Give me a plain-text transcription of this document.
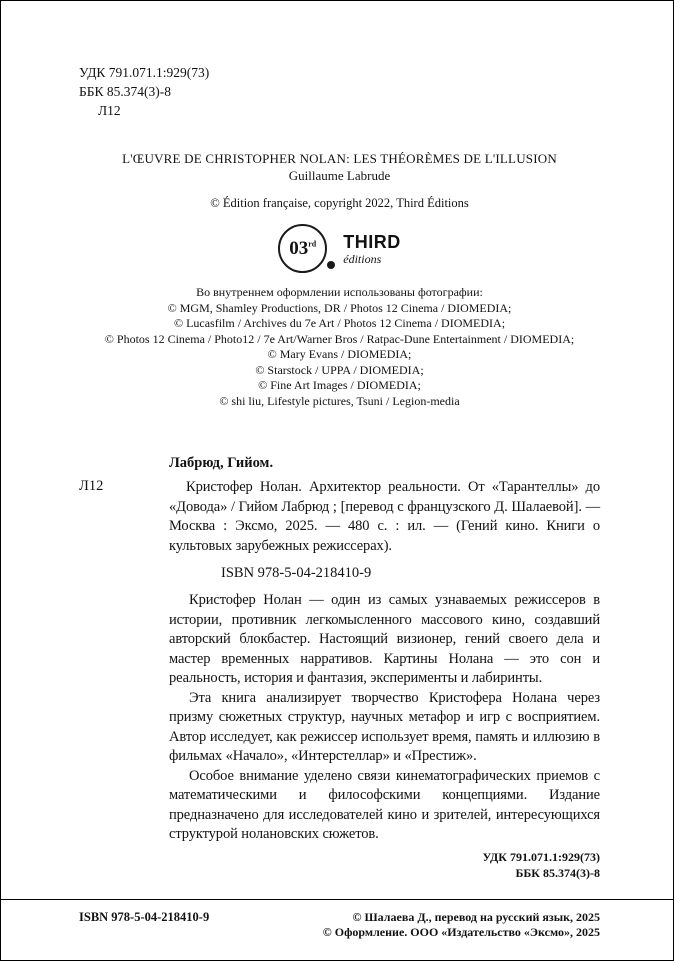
УДК 791.071.1:929(73)
ББК 85.374(3)-8
Л12
L'ŒUVRE DE CHRISTOPHER NOLAN: LES THÉORÈMES DE L'ILLUSION
Guillaume Labrude
© Édition française, copyright 2022, Third Éditions
03rd THIRD
éditions
Во внутреннем оформлении использованы фотографии:
© MGM, Shamley Productions, DR / Photos 12 Cinema / DIOMEDIA;
© Lucasfilm / Archives du 7e Art / Photos 12 Cinema / DIOMEDIA;
© Photos 12 Cinema / Photo12 / 7e Art/Warner Bros / Ratpac-Dune Entertainment / DIOMEDIA;
© Mary Evans / DIOMEDIA;
© Starstock / UPPA / DIOMEDIA;
© Fine Art Images / DIOMEDIA;
© shi liu, Lifestyle pictures, Tsuni / Legion-media
Лабрюд, Гийом.
Л12	Кристофер Нолан. Архитектор реальности. От «Тарантеллы» до «Довода» / Гийом Лабрюд ; [перевод с французского Д. Шалаевой]. — Москва : Эксмо, 2025. — 480 с. : ил. — (Гений кино. Книги о культовых зарубежных режиссерах).
ISBN 978-5-04-218410-9

Кристофер Нолан — один из самых узнаваемых режиссеров в истории, противник легкомысленного массового кино, создавший авторский блокбастер. Настоящий визионер, гений своего дела и мастер временных нарративов. Картины Нолана — это сон и реальность, история и фантазия, эксперименты и лабиринты.

Эта книга анализирует творчество Кристофера Нолана через призму сюжетных структур, научных метафор и игр с восприятием. Автор исследует, как режиссер использует время, память и иллюзию в фильмах «Начало», «Интерстеллар» и «Престиж».

Особое внимание уделено связи кинематографических приемов с математическими и философскими концепциями. Издание предназначено для исследователей кино и зрителей, интересующихся структурой нолановских сюжетов.

УДК 791.071.1:929(73)
ББК 85.374(3)-8
ISBN 978-5-04-218410-9	© Шалаева Д., перевод на русский язык, 2025
© Оформление. ООО «Издательство «Эксмо», 2025
